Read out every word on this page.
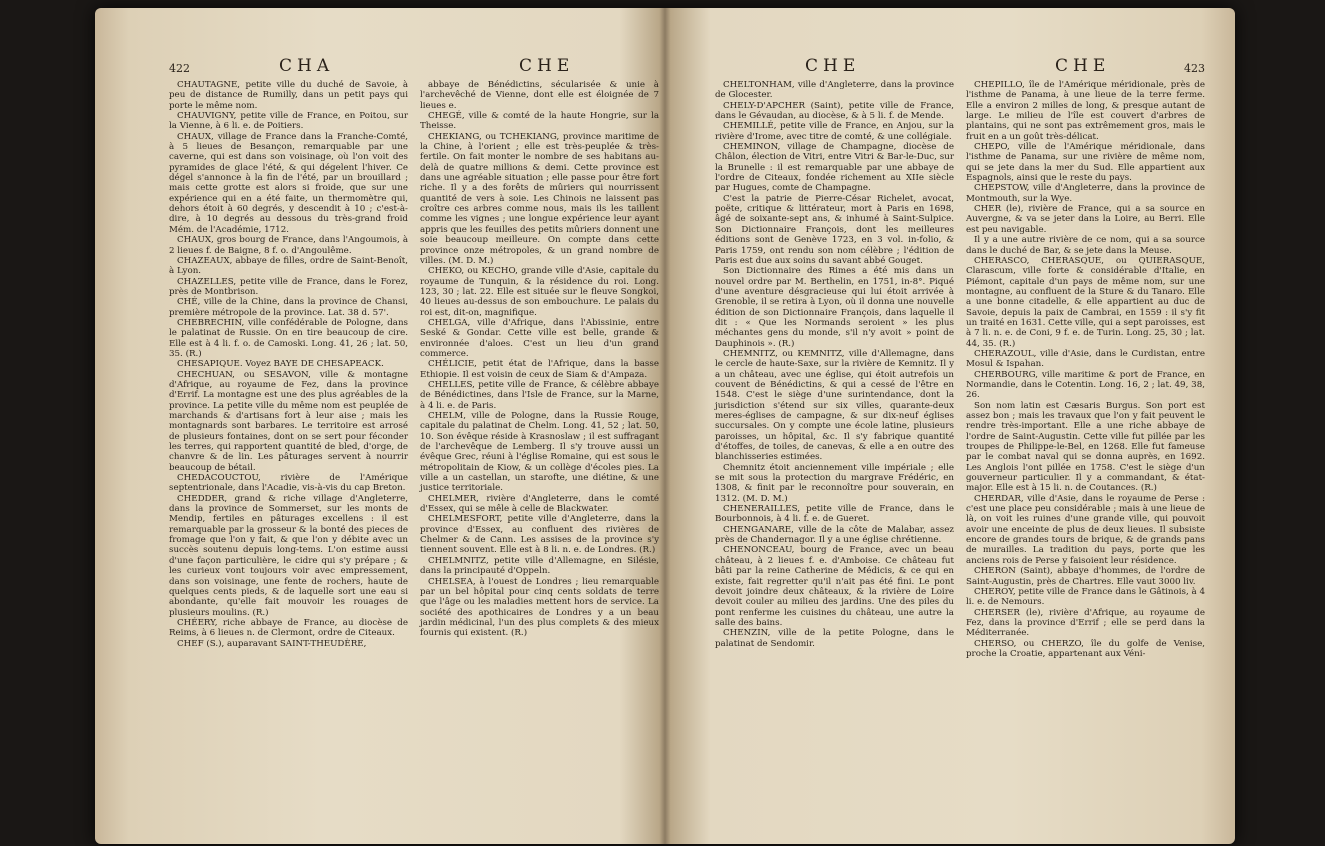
422	CHA	CHE

CHAUTAGNE, petite ville du duché de Savoie, à peu de distance de Rumilly, dans un petit pays qui porte le même nom.

CHAUVIGNY, petite ville de France, en Poitou, sur la Vienne, à 6 li. e. de Poitiers.

CHAUX, village de France dans la Franche-Comté, à 5 lieues de Besançon, remarquable par une caverne, qui est dans son voisinage, où l'on voit des pyramides de glace l'été, & qui dégelent l'hiver. Ce dégel s'annonce à la fin de l'été, par un brouillard ; mais cette grotte est alors si froide, que sur une expérience qui en a été faite, un thermomètre qui, dehors étoit à 60 degrés, y descendit à 10 ; c'est-à-dire, à 10 degrés au dessous du très-grand froid Mém. de l'Académie, 1712.

CHAUX, gros bourg de France, dans l'Angoumois, à 2 lieues f. de Baigne, 8 f. o. d'Angoulême.

CHAZEAUX, abbaye de filles, ordre de Saint-Benoît, à Lyon.

CHAZELLES, petite ville de France, dans le Forez, près de Montbrison.

CHÉ, ville de la Chine, dans la province de Chansi, première métropole de la province. Lat. 38 d. 57'.

CHEBRECHIN, ville confédérable de Pologne, dans le palatinat de Russie. On en tire beaucoup de cire. Elle est à 4 li. f. o. de Camoski. Long. 41, 26 ; lat. 50, 35. (R.)

CHESAPIQUE. Voyez BAYE DE CHESAPEACK.

CHECHUAN, ou SESAVON, ville & montagne d'Afrique, au royaume de Fez, dans la province d'Errif. La montagne est une des plus agréables de la province. La petite ville du même nom est peuplée de marchands & d'artisans fort à leur aise ; mais les montagnards sont barbares. Le territoire est arrosé de plusieurs fontaines, dont on se sert pour féconder les terres, qui rapportent quantité de bled, d'orge, de chanvre & de lin. Les pâturages servent à nourrir beaucoup de bétail.

CHEDACOUCTOU, rivière de l'Amérique septentrionale, dans l'Acadie, vis-à-vis du cap Breton.

CHEDDER, grand & riche village d'Angleterre, dans la province de Sommerset, sur les monts de Mendip, fertiles en pâturages excellens : il est remarquable par la grosseur & la bonté des pieces de fromage que l'on y fait, & que l'on y débite avec un succès soutenu depuis long-tems. L'on estime aussi d'une façon particulière, le cidre qui s'y prépare ; & les curieux vont toujours voir avec empressement, dans son voisinage, une fente de rochers, haute de quelques cents pieds, & de laquelle sort une eau si abondante, qu'elle fait mouvoir les rouages de plusieurs moulins. (R.)

CHÉERY, riche abbaye de France, au diocèse de Reims, à 6 lieues n. de Clermont, ordre de Citeaux.

CHEF (S.), auparavant SAINT-THEUDÈRE,

abbaye de Bénédictins, sécularisée & unie à l'archevêché de Vienne, dont elle est éloignée de 7 lieues e.

CHEGÉ, ville & comté de la haute Hongrie, sur la Theisse.

CHEKIANG, ou TCHEKIANG, province maritime de la Chine, à l'orient ; elle est très-peuplée & très-fertile. On fait monter le nombre de ses habitans au-delà de quatre millions & demi. Cette province est dans une agréable situation ; elle passe pour être fort riche. Il y a des forêts de mûriers qui nourrissent quantité de vers à soie. Les Chinois ne laissent pas croître ces arbres comme nous, mais ils les taillent comme les vignes ; une longue expérience leur ayant appris que les feuilles des petits mûriers donnent une soie beaucoup meilleure. On compte dans cette province onze métropoles, & un grand nombre de villes. (M. D. M.)

CHEKO, ou KECHO, grande ville d'Asie, capitale du royaume de Tunquin, & la résidence du roi. Long. 123, 30 ; lat. 22. Elle est située sur le fleuve Songkoi, 40 lieues au-dessus de son embouchure. Le palais du roi est, dit-on, magnifique.

CHELGA, ville d'Afrique, dans l'Abissinie, entre Seské & Gondar. Cette ville est belle, grande & environnée d'aloes. C'est un lieu d'un grand commerce.

CHÉLICIE, petit état de l'Afrique, dans la basse Ethiopie. Il est voisin de ceux de Siam & d'Ampaza.

CHELLES, petite ville de France, & célèbre abbaye de Bénédictines, dans l'Isle de France, sur la Marne, à 4 li. e. de Paris.

CHELM, ville de Pologne, dans la Russie Rouge, capitale du palatinat de Chelm. Long. 41, 52 ; lat. 50, 10. Son évêque réside à Krasnoslaw ; il est suffragant de l'archevêque de Lemberg. Il s'y trouve aussi un évêque Grec, réuni à l'église Romaine, qui est sous le métropolitain de Kiow, & un collège d'écoles pies. La ville a un castellan, un starofte, une diétine, & une justice territoriale.

CHELMER, rivière d'Angleterre, dans le comté d'Essex, qui se mêle à celle de Blackwater.

CHELMESFORT, petite ville d'Angleterre, dans la province d'Essex, au confluent des rivières de Chelmer & de Cann. Les assises de la province s'y tiennent souvent. Elle est à 8 li. n. e. de Londres. (R.)

CHELMNITZ, petite ville d'Allemagne, en Silésie, dans la principauté d'Oppeln.

CHELSEA, à l'ouest de Londres ; lieu remarquable par un bel hôpital pour cinq cents soldats de terre que l'âge ou les maladies mettent hors de service. La société des apothicaires de Londres y a un beau jardin médicinal, l'un des plus complets & des mieux fournis qui existent. (R.)

CHE	CHE	423

CHELTONHAM, ville d'Angleterre, dans la province de Glocester.

CHELY-D'APCHER (Saint), petite ville de France, dans le Gévaudan, au diocèse, & à 5 li. f. de Mende.

CHEMILLÉ, petite ville de France, en Anjou, sur la rivière d'Irome, avec titre de comté, & une collégiale.

CHEMINON, village de Champagne, diocèse de Châlon, élection de Vitri, entre Vitri & Bar-le-Duc, sur la Brunelle : il est remarquable par une abbaye de l'ordre de Citeaux, fondée richement au XIIe siècle par Hugues, comte de Champagne.

C'est la patrie de Pierre-César Richelet, avocat, poëte, critique & littérateur, mort à Paris en 1698, âgé de soixante-sept ans, & inhumé à Saint-Sulpice. Son Dictionnaire François, dont les meilleures éditions sont de Genève 1723, en 3 vol. in-folio, & Paris 1759, ont rendu son nom célèbre ; l'édition de Paris est due aux soins du savant abbé Gouget.

Son Dictionnaire des Rimes a été mis dans un nouvel ordre par M. Berthelin, en 1751, in-8°. Piqué d'une aventure désgracieuse qui lui étoit arrivée à Grenoble, il se retira à Lyon, où il donna une nouvelle édition de son Dictionnaire François, dans laquelle il dit : « Que les Normands seroient » les plus méchantes gens du monde, s'il n'y avoit » point de Dauphinois ». (R.)

CHEMNITZ, ou KEMNITZ, ville d'Allemagne, dans le cercle de haute-Saxe, sur la rivière de Kemnitz. Il y a un château, avec une église, qui étoit autrefois un couvent de Bénédictins, & qui a cessé de l'être en 1548. C'est le siège d'une surintendance, dont la jurisdiction s'étend sur six villes, quarante-deux meres-églises de campagne, & sur dix-neuf églises succursales. On y compte une école latine, plusieurs paroisses, un hôpital, &c. Il s'y fabrique quantité d'étoffes, de toiles, de canevas, & elle a en outre des blanchisseries estimées.

Chemnitz étoit anciennement ville impériale ; elle se mit sous la protection du margrave Frédéric, en 1308, & finit par le reconnoître pour souverain, en 1312. (M. D. M.)

CHENERAILLES, petite ville de France, dans le Bourbonnois, à 4 li. f. e. de Gueret.

CHENGANARE, ville de la côte de Malabar, assez près de Chandernagor. Il y a une église chrétienne.

CHENONCEAU, bourg de France, avec un beau château, à 2 lieues f. e. d'Amboise. Ce château fut bâti par la reine Catherine de Médicis, & ce qui en existe, fait regretter qu'il n'ait pas été fini. Le pont devoit joindre deux châteaux, & la rivière de Loire devoit couler au milieu des jardins. Une des piles du pont renferme les cuisines du château, une autre la salle des bains.

CHENZIN, ville de la petite Pologne, dans le palatinat de Sendomir.

CHEPILLO, île de l'Amérique méridionale, près de l'isthme de Panama, à une lieue de la terre ferme. Elle a environ 2 milles de long, & presque autant de large. Le milieu de l'île est couvert d'arbres de plantains, qui ne sont pas extrêmement gros, mais le fruit en a un goût très-délicat.

CHEPO, ville de l'Amérique méridionale, dans l'isthme de Panama, sur une rivière de même nom, qui se jete dans la mer du Sud. Elle appartient aux Espagnols, ainsi que le reste du pays.

CHEPSTOW, ville d'Angleterre, dans la province de Montmouth, sur la Wye.

CHER (le), rivière de France, qui a sa source en Auvergne, & va se jeter dans la Loire, au Berri. Elle est peu navigable.

Il y a une autre rivière de ce nom, qui a sa source dans le duché de Bar, & se jete dans la Meuse.

CHERASCO, CHERASQUE, ou QUIERASQUE, Clarascum, ville forte & considérable d'Italie, en Piémont, capitale d'un pays de même nom, sur une montagne, au confluent de la Sture & du Tanaro. Elle a une bonne citadelle, & elle appartient au duc de Savoie, depuis la paix de Cambrai, en 1559 : il s'y fit un traité en 1631. Cette ville, qui a sept paroisses, est à 7 li. n. e. de Coni, 9 f. e. de Turin. Long. 25, 30 ; lat. 44, 35. (R.)

CHERAZOUL, ville d'Asie, dans le Curdistan, entre Mosul & Ispahan.

CHERBOURG, ville maritime & port de France, en Normandie, dans le Cotentin. Long. 16, 2 ; lat. 49, 38, 26.

Son nom latin est Cæsaris Burgus. Son port est assez bon ; mais les travaux que l'on y fait peuvent le rendre très-important. Elle a une riche abbaye de l'ordre de Saint-Augustin. Cette ville fut pillée par les troupes de Philippe-le-Bel, en 1268. Elle fut fameuse par le combat naval qui se donna auprès, en 1692. Les Anglois l'ont pillée en 1758. C'est le siège d'un gouverneur particulier. Il y a commandant, & état-major. Elle est à 15 li. n. de Coutances. (R.)

CHERDAR, ville d'Asie, dans le royaume de Perse : c'est une place peu considérable ; mais à une lieue de là, on voit les ruines d'une grande ville, qui pouvoit avoir une enceinte de plus de deux lieues. Il subsiste encore de grandes tours de brique, & de grands pans de murailles. La tradition du pays, porte que les anciens rois de Perse y faisoient leur résidence.

CHERON (Saint), abbaye d'hommes, de l'ordre de Saint-Augustin, près de Chartres. Elle vaut 3000 liv.

CHEROY, petite ville de France dans le Gâtinois, à 4 li. e. de Nemours.

CHERSER (le), rivière d'Afrique, au royaume de Fez, dans la province d'Errif ; elle se perd dans la Méditerranée.

CHERSO, ou CHERZO, île du golfe de Venise, proche la Croatie, appartenant aux Véni-
